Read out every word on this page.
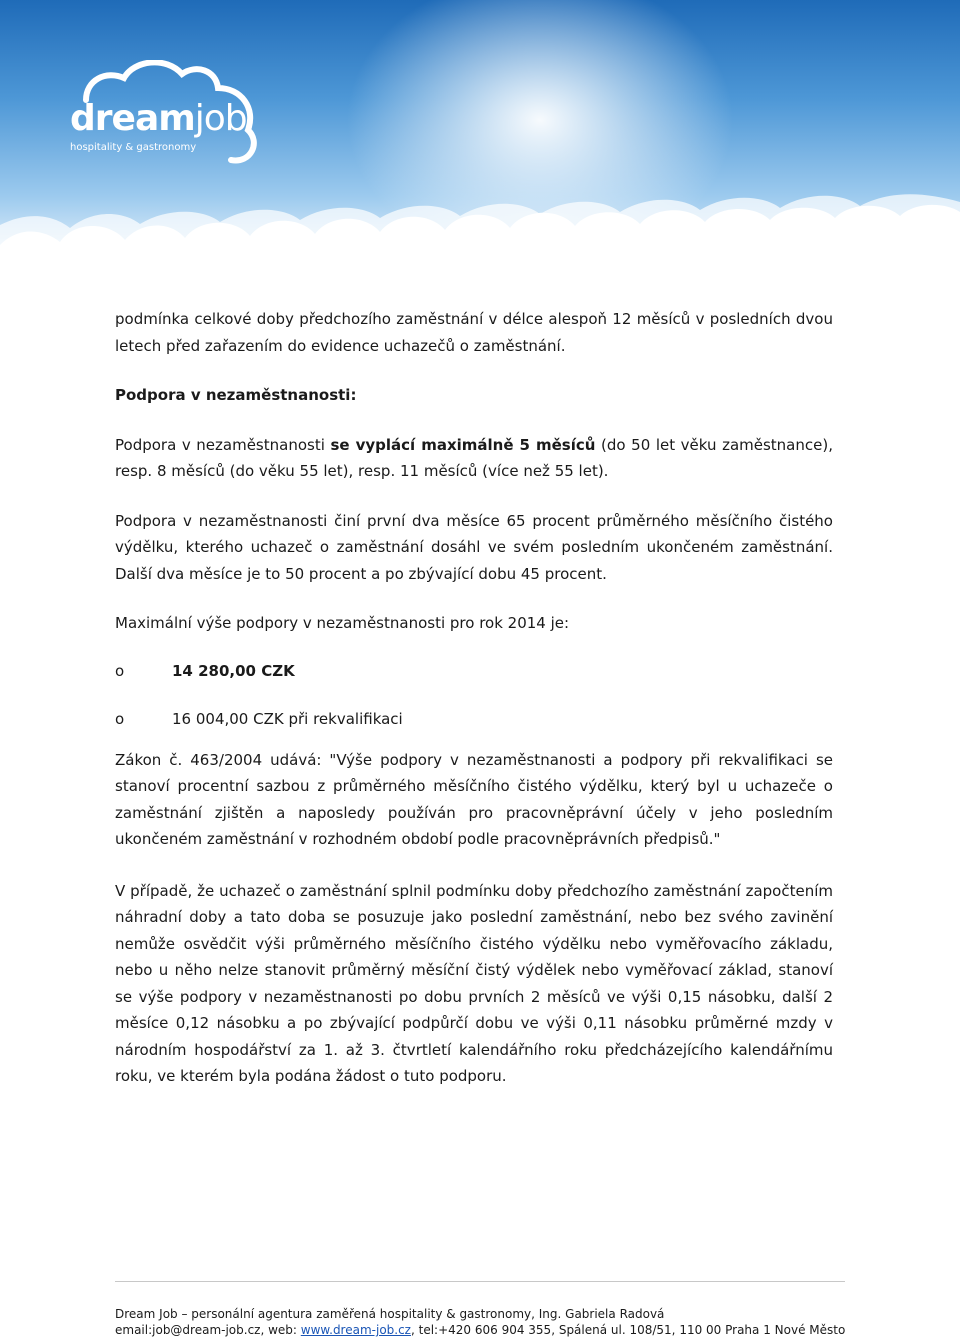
dreamjob
hospitality & gastronomy

podmínka celkové doby předchozího zaměstnání v délce alespoň 12 měsíců v posledních dvou letech před zařazením do evidence uchazečů o zaměstnání.

Podpora v nezaměstnanosti:

Podpora v nezaměstnanosti se vyplácí maximálně 5 měsíců (do 50 let věku zaměstnance), resp. 8 měsíců (do věku 55 let), resp. 11 měsíců (více než 55 let).

Podpora v nezaměstnanosti činí první dva měsíce 65 procent průměrného měsíčního čistého výdělku, kterého uchazeč o zaměstnání dosáhl ve svém posledním ukončeném zaměstnání. Další dva měsíce je to 50 procent a po zbývající dobu 45 procent.

Maximální výše podpory v nezaměstnanosti pro rok 2014 je:

o	14 280,00 CZK
o	16 004,00 CZK při rekvalifikaci

Zákon č. 463/2004 udává: "Výše podpory v nezaměstnanosti a podpory při rekvalifikaci se stanoví procentní sazbou z průměrného měsíčního čistého výdělku, který byl u uchazeče o zaměstnání zjištěn a naposledy používán pro pracovněprávní účely v jeho posledním ukončeném zaměstnání v rozhodném období podle pracovněprávních předpisů."

V případě, že uchazeč o zaměstnání splnil podmínku doby předchozího zaměstnání započtením náhradní doby a tato doba se posuzuje jako poslední zaměstnání, nebo bez svého zavinění nemůže osvědčit výši průměrného měsíčního čistého výdělku nebo vyměřovacího základu, nebo u něho nelze stanovit průměrný měsíční čistý výdělek nebo vyměřovací základ, stanoví se výše podpory v nezaměstnanosti po dobu prvních 2 měsíců ve výši 0,15 násobku, další 2 měsíce 0,12 násobku a po zbývající podpůrčí dobu ve výši 0,11 násobku průměrné mzdy v národním hospodářství za 1. až 3. čtvrtletí kalendářního roku předcházejícího kalendářnímu roku, ve kterém byla podána žádost o tuto podporu.

Dream Job – personální agentura zaměřená hospitality & gastronomy, Ing. Gabriela Radová
email:job@dream-job.cz, web: www.dream-job.cz, tel:+420 606 904 355, Spálená ul. 108/51, 110 00 Praha 1 Nové Město
